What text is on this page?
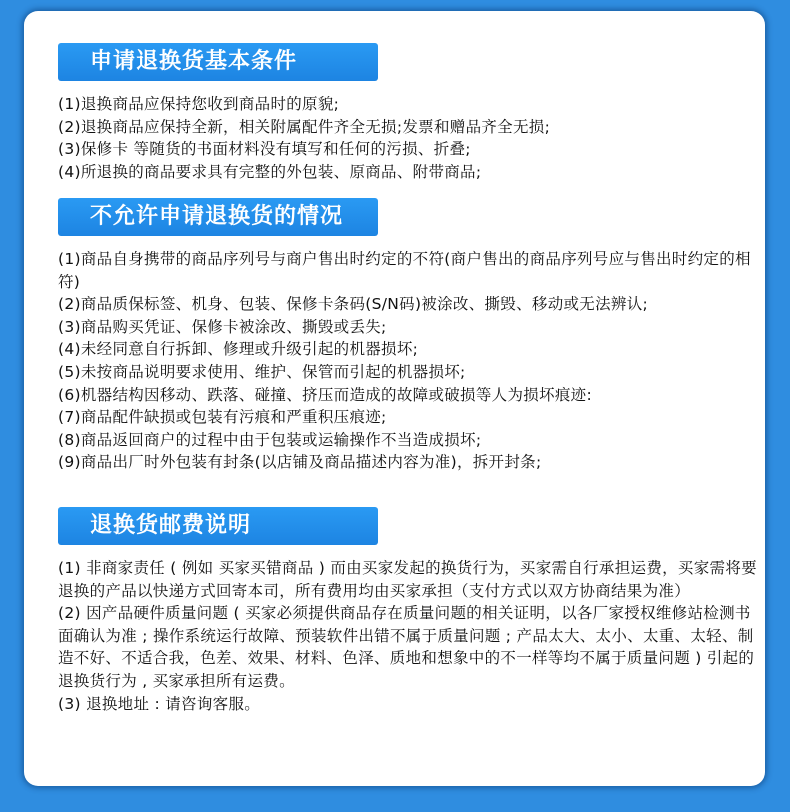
申请退换货基本条件

(1)退换商品应保持您收到商品时的原貌;

(2)退换商品应保持全新，相关附属配件齐全无损;发票和赠品齐全无损;

(3)保修卡 等随货的书面材料没有填写和任何的污损、折叠;

(4)所退换的商品要求具有完整的外包装、原商品、附带商品;

不允许申请退换货的情况

(1)商品自身携带的商品序列号与商户售出时约定的不符(商户售出的商品序列号应与售出时约定的相符)

(2)商品质保标签、机身、包装、保修卡条码(S/N码)被涂改、撕毁、移动或无法辨认;

(3)商品购买凭证、保修卡被涂改、撕毁或丢失;

(4)未经同意自行拆卸、修理或升级引起的机器损坏;

(5)未按商品说明要求使用、维护、保管而引起的机器损坏;

(6)机器结构因移动、跌落、碰撞、挤压而造成的故障或破损等人为损坏痕迹:

(7)商品配件缺损或包装有污痕和严重积压痕迹;

(8)商品返回商户的过程中由于包装或运输操作不当造成损坏;

(9)商品出厂时外包装有封条(以店铺及商品描述内容为准)，拆开封条;

退换货邮费说明

(1) 非商家责任 ( 例如 买家买错商品 ) 而由买家发起的换货行为，买家需自行承担运费，买家需将要退换的产品以快递方式回寄本司，所有费用均由买家承担（支付方式以双方协商结果为准）

(2) 因产品硬件质量问题 ( 买家必须提供商品存在质量问题的相关证明，以各厂家授权维修站检测书面确认为准 ; 操作系统运行故障、预装软件出错不属于质量问题 ; 产品太大、太小、太重、太轻、制造不好、不适合我，色差、效果、材料、色泽、质地和想象中的不一样等均不属于质量问题 ) 引起的退换货行为 , 买家承担所有运费。

(3) 退换地址 : 请咨询客服。
